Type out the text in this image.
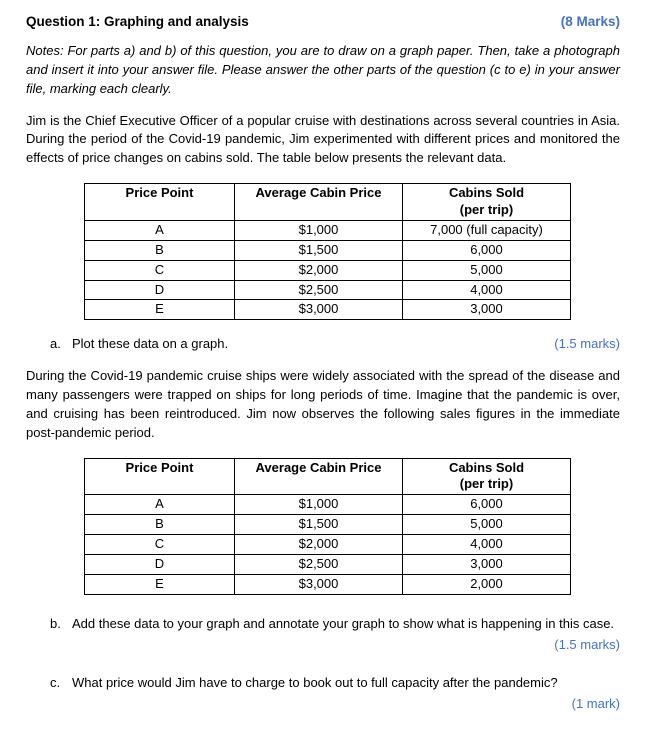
Question 1: Graphing and analysis	(8 Marks)

Notes: For parts a) and b) of this question, you are to draw on a graph paper. Then, take a photograph and insert it into your answer file. Please answer the other parts of the question (c to e) in your answer file, marking each clearly.

Jim is the Chief Executive Officer of a popular cruise with destinations across several countries in Asia. During the period of the Covid-19 pandemic, Jim experimented with different prices and monitored the effects of price changes on cabins sold. The table below presents the relevant data.

Price Point	Average Cabin Price	Cabins Sold
(per trip)
A	$1,000	7,000 (full capacity)
B	$1,500	6,000
C	$2,000	5,000
D	$2,500	4,000
E	$3,000	3,000
a. Plot these data on a graph.	(1.5 marks)

During the Covid-19 pandemic cruise ships were widely associated with the spread of the disease and many passengers were trapped on ships for long periods of time. Imagine that the pandemic is over, and cruising has been reintroduced. Jim now observes the following sales figures in the immediate post-pandemic period.

Price Point	Average Cabin Price	Cabins Sold
(per trip)
A	$1,000	6,000
B	$1,500	5,000
C	$2,000	4,000
D	$2,500	3,000
E	$3,000	2,000
b. Add these data to your graph and annotate your graph to show what is happening in this case.
(1.5 marks)
c. What price would Jim have to charge to book out to full capacity after the pandemic?
(1 mark)
